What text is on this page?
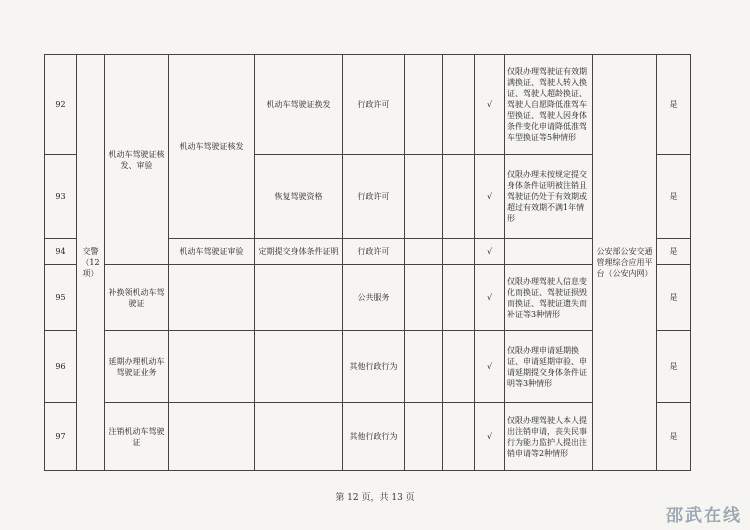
92	交警（12项）	机动车驾驶证核发、审验	机动车驾驶证核发	机动车驾驶证换发	行政许可			√	仅限办理驾驶证有效期满换证、驾驶人转入换证、驾驶人超龄换证、驾驶人自愿降低准驾车型换证、驾驶人因身体条件变化申请降低准驾车型换证等5种情形	公安部公安交通管理综合应用平台（公安内网）	是
93				恢复驾驶资格	行政许可			√	仅限办理未按规定提交身体条件证明被注销且驾驶证仍处于有效期或超过有效期不满1年情形		是
94			机动车驾驶证审验	定期提交身体条件证明	行政许可			√			是
95		补换领机动车驾驶证			公共服务			√	仅限办理驾驶人信息变化而换证、驾驶证损毁而换证、驾驶证遗失而补证等3种情形		是
96		延期办理机动车驾驶证业务			其他行政行为			√	仅限办理申请延期换证、申请延期审验、申请延期提交身体条件证明等3种情形		是
97		注销机动车驾驶证			其他行政行为			√	仅限办理驾驶人本人提出注销申请，丧失民事行为能力监护人提出注销申请等2种情形		是
第 12 页，共 13 页
邵武在线
